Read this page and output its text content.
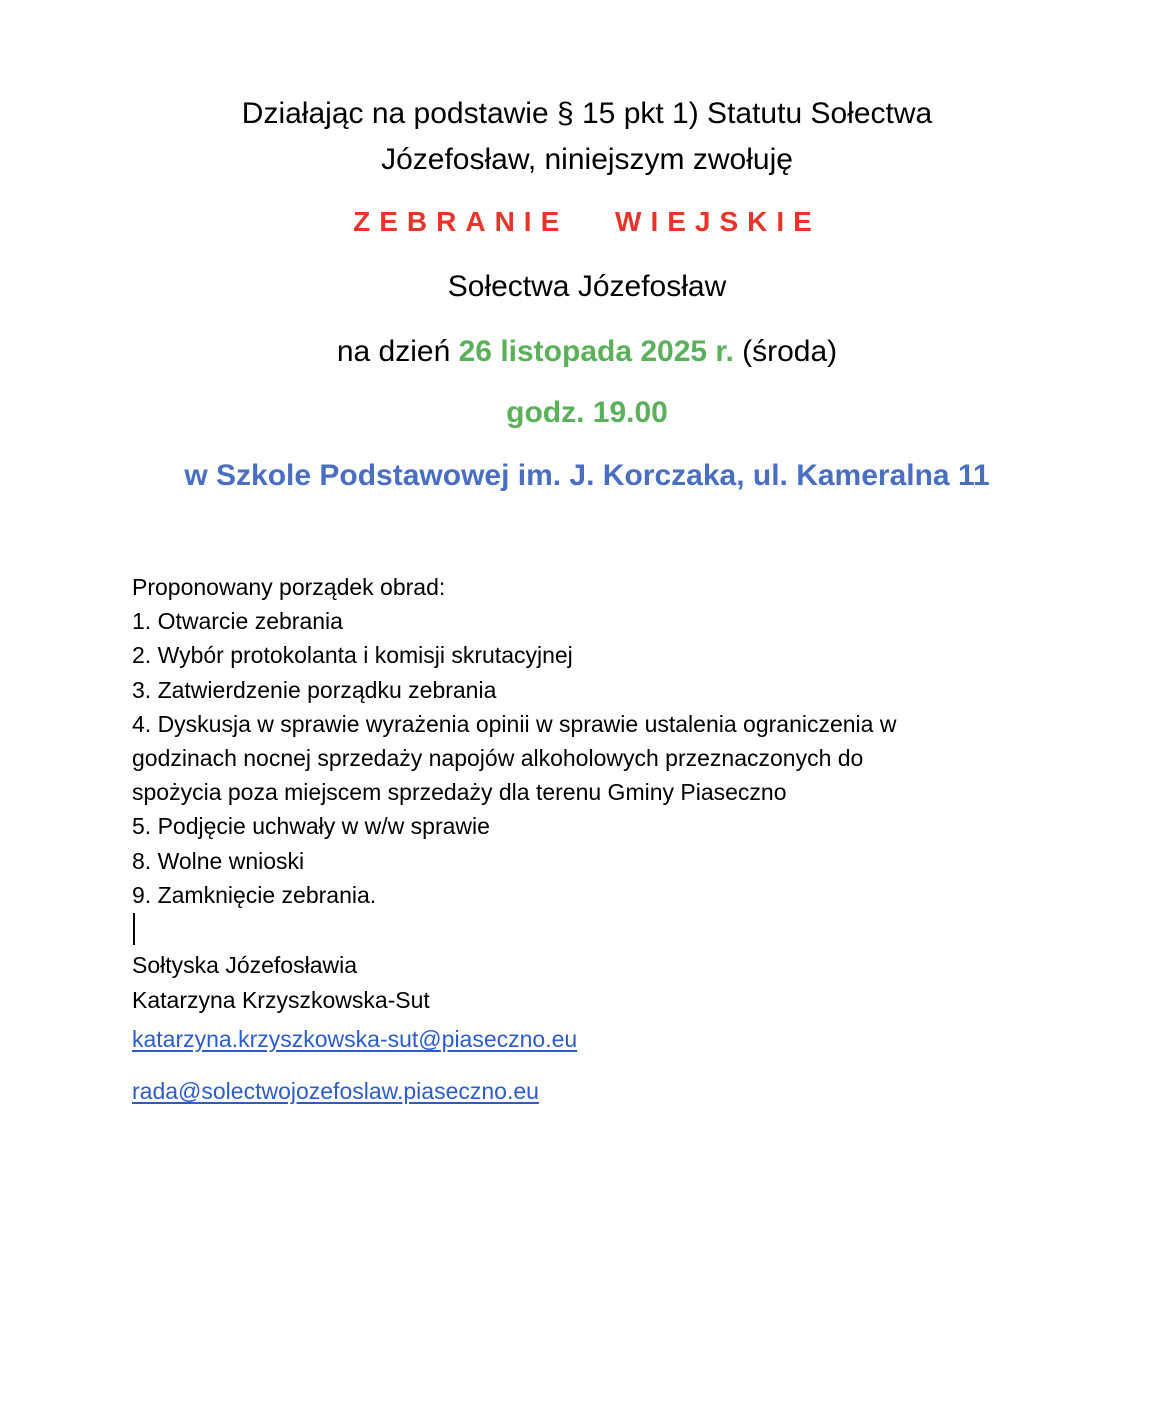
Działając na podstawie § 15 pkt 1) Statutu Sołectwa
Józefosław, niniejszym zwołuję
ZEBRANIE WIEJSKIE
Sołectwa Józefosław
na dzień 26 listopada 2025 r. (środa)
godz. 19.00
w Szkole Podstawowej im. J. Korczaka, ul. Kameralna 11
Proponowany porządek obrad:
1. Otwarcie zebrania
2. Wybór protokolanta i komisji skrutacyjnej
3. Zatwierdzenie porządku zebrania
4. Dyskusja w sprawie wyrażenia opinii w sprawie ustalenia ograniczenia w
godzinach nocnej sprzedaży napojów alkoholowych przeznaczonych do
spożycia poza miejscem sprzedaży dla terenu Gminy Piaseczno
5. Podjęcie uchwały w w/w sprawie
8. Wolne wnioski
9. Zamknięcie zebrania.
Sołtyska Józefosławia
Katarzyna Krzyszkowska-Sut
katarzyna.krzyszkowska-sut@piaseczno.eu
rada@solectwojozefoslaw.piaseczno.eu
